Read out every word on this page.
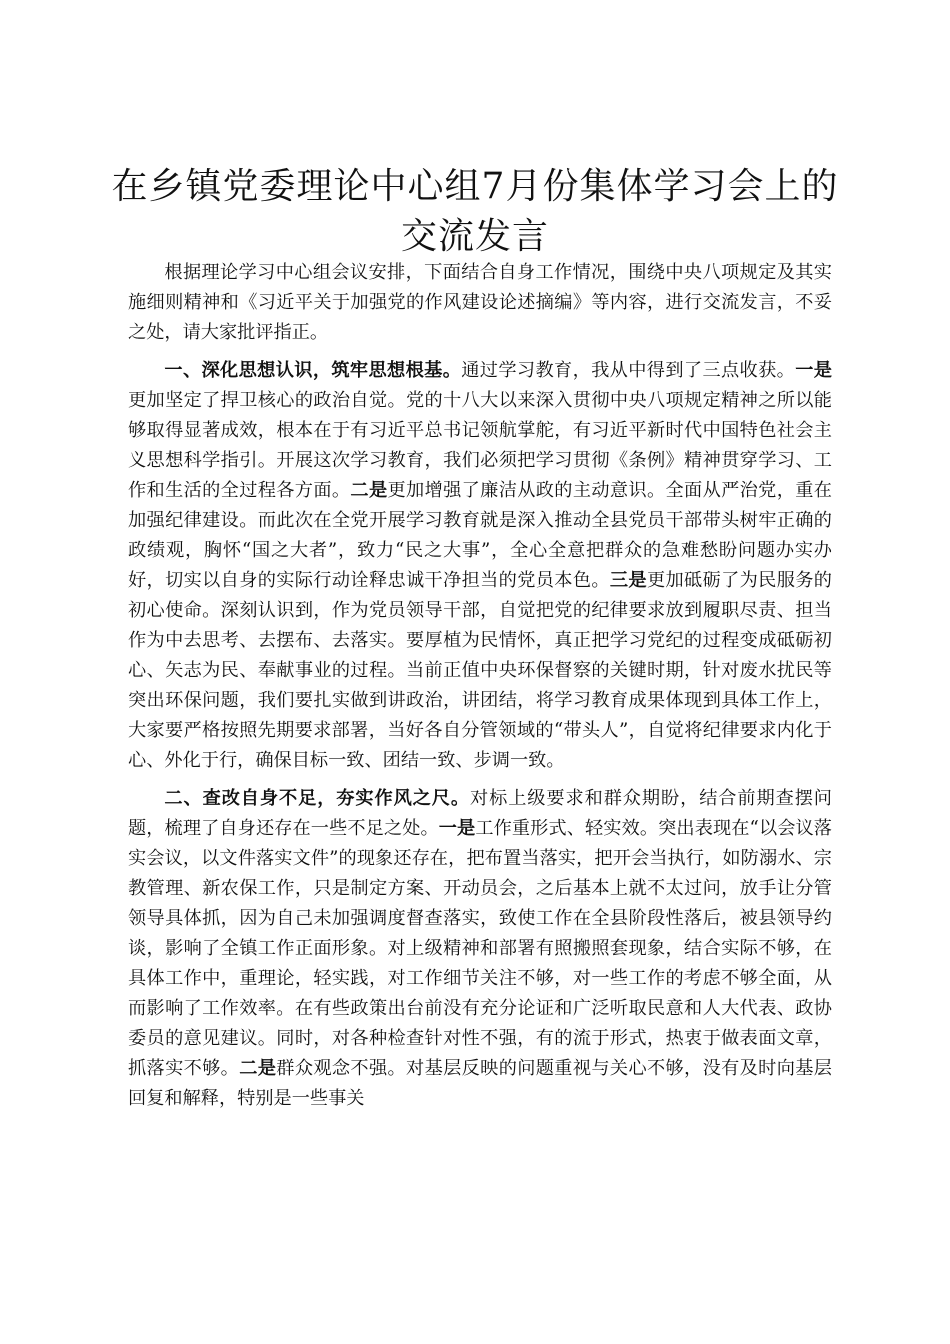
在乡镇党委理论中心组7月份集体学习会上的
交流发言

根据理论学习中心组会议安排，下面结合自身工作情况，围绕中央八项规定及其实施细则精神和《习近平关于加强党的作风建设论述摘编》等内容，进行交流发言，不妥之处，请大家批评指正。

一、深化思想认识，筑牢思想根基。通过学习教育，我从中得到了三点收获。一是更加坚定了捍卫核心的政治自觉。党的十八大以来深入贯彻中央八项规定精神之所以能够取得显著成效，根本在于有习近平总书记领航掌舵，有习近平新时代中国特色社会主义思想科学指引。开展这次学习教育，我们必须把学习贯彻《条例》精神贯穿学习、工作和生活的全过程各方面。二是更加增强了廉洁从政的主动意识。全面从严治党，重在加强纪律建设。而此次在全党开展学习教育就是深入推动全县党员干部带头树牢正确的政绩观，胸怀“国之大者”，致力“民之大事”，全心全意把群众的急难愁盼问题办实办好，切实以自身的实际行动诠释忠诚干净担当的党员本色。三是更加砥砺了为民服务的初心使命。深刻认识到，作为党员领导干部，自觉把党的纪律要求放到履职尽责、担当作为中去思考、去摆布、去落实。要厚植为民情怀，真正把学习党纪的过程变成砥砺初心、矢志为民、奉献事业的过程。当前正值中央环保督察的关键时期，针对废水扰民等突出环保问题，我们要扎实做到讲政治，讲团结，将学习教育成果体现到具体工作上，大家要严格按照先期要求部署，当好各自分管领域的“带头人”，自觉将纪律要求内化于心、外化于行，确保目标一致、团结一致、步调一致。

二、查改自身不足，夯实作风之尺。对标上级要求和群众期盼，结合前期查摆问题，梳理了自身还存在一些不足之处。一是工作重形式、轻实效。突出表现在“以会议落实会议，以文件落实文件”的现象还存在，把布置当落实，把开会当执行，如防溺水、宗教管理、新农保工作，只是制定方案、开动员会，之后基本上就不太过问，放手让分管领导具体抓，因为自己未加强调度督查落实，致使工作在全县阶段性落后，被县领导约谈，影响了全镇工作正面形象。对上级精神和部署有照搬照套现象，结合实际不够，在具体工作中，重理论，轻实践，对工作细节关注不够，对一些工作的考虑不够全面，从而影响了工作效率。在有些政策出台前没有充分论证和广泛听取民意和人大代表、政协委员的意见建议。同时，对各种检查针对性不强，有的流于形式，热衷于做表面文章，抓落实不够。二是群众观念不强。对基层反映的问题重视与关心不够，没有及时向基层回复和解释，特别是一些事关
